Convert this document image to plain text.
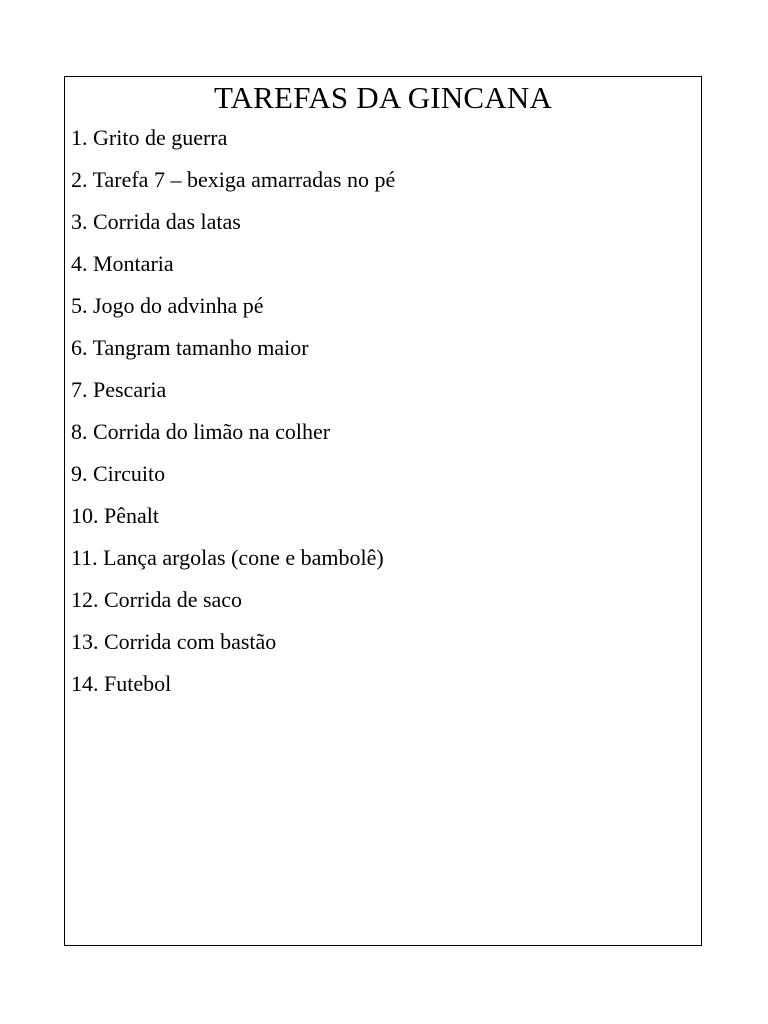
TAREFAS DA GINCANA
1. Grito de guerra
2. Tarefa 7 – bexiga amarradas no pé
3. Corrida das latas
4. Montaria
5. Jogo do advinha pé
6. Tangram tamanho maior
7. Pescaria
8. Corrida do limão na colher
9. Circuito
10. Pênalt
11. Lança argolas (cone e bambolê)
12. Corrida de saco
13. Corrida com bastão
14. Futebol
